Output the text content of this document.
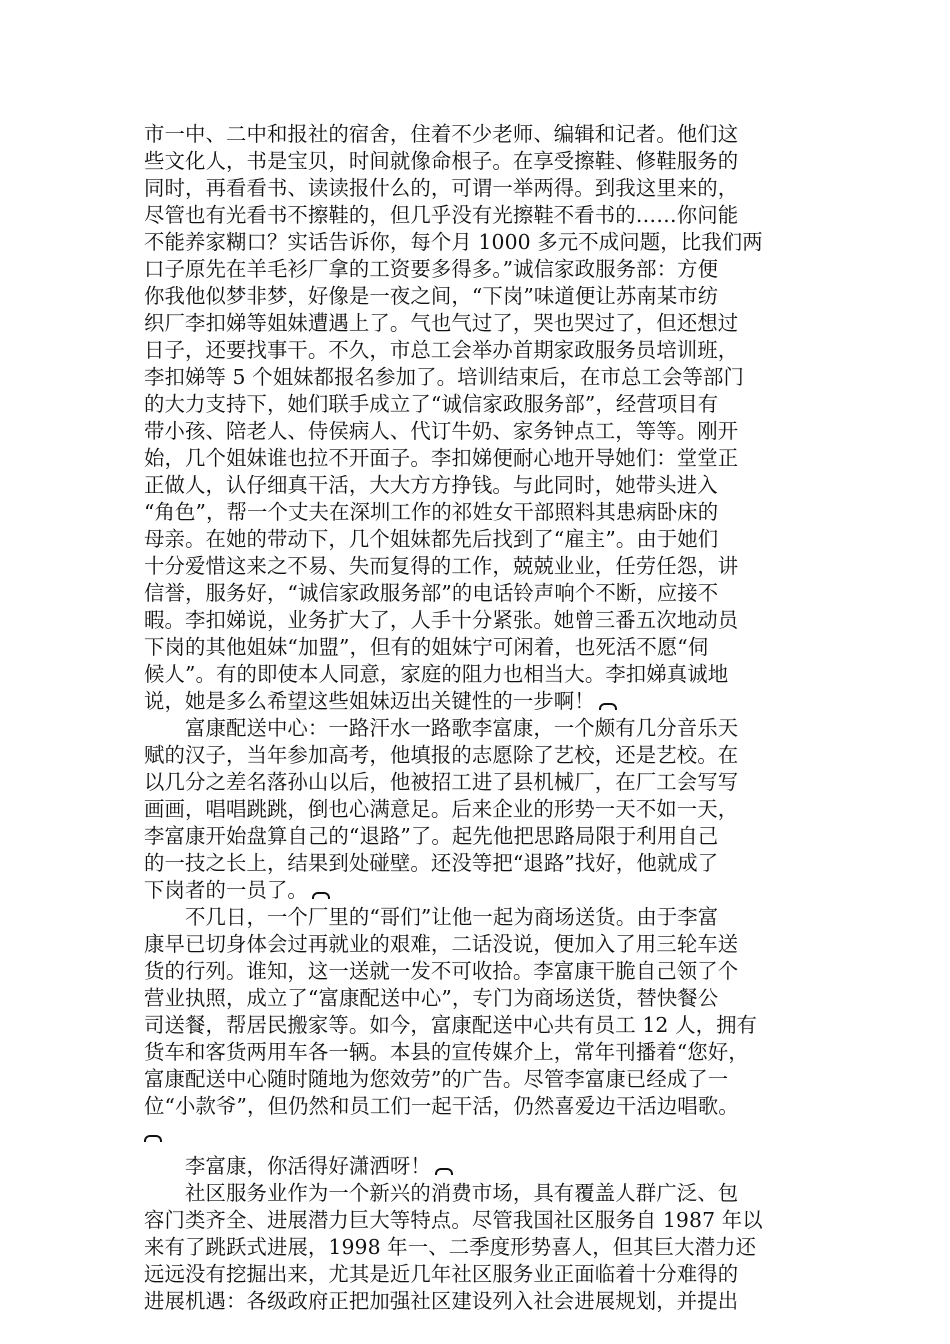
市一中、二中和报社的宿舍，住着不少老师、编辑和记者。他们这
些文化人，书是宝贝，时间就像命根子。在享受擦鞋、修鞋服务的
同时，再看看书、读读报什么的，可谓一举两得。到我这里来的，
尽管也有光看书不擦鞋的，但几乎没有光擦鞋不看书的……你问能
不能养家糊口？实话告诉你，每个月 1000 多元不成问题，比我们两
口子原先在羊毛衫厂拿的工资要多得多。”诚信家政服务部：方便
你我他似梦非梦，好像是一夜之间，“下岗”味道便让苏南某市纺
织厂李扣娣等姐妹遭遇上了。气也气过了，哭也哭过了，但还想过
日子，还要找事干。不久，市总工会举办首期家政服务员培训班，
李扣娣等 5 个姐妹都报名参加了。培训结束后，在市总工会等部门
的大力支持下，她们联手成立了“诚信家政服务部”，经营项目有
带小孩、陪老人、侍侯病人、代订牛奶、家务钟点工，等等。刚开
始，几个姐妹谁也拉不开面子。李扣娣便耐心地开导她们：堂堂正
正做人，认仔细真干活，大大方方挣钱。与此同时，她带头进入
“角色”，帮一个丈夫在深圳工作的祁姓女干部照料其患病卧床的
母亲。在她的带动下，几个姐妹都先后找到了“雇主”。由于她们
十分爱惜这来之不易、失而复得的工作，兢兢业业，任劳任怨，讲
信誉，服务好，“诚信家政服务部”的电话铃声响个不断，应接不
暇。李扣娣说，业务扩大了，人手十分紧张。她曾三番五次地动员
下岗的其他姐妹“加盟”，但有的姐妹宁可闲着，也死活不愿“伺
候人”。有的即使本人同意，家庭的阻力也相当大。李扣娣真诚地
说，她是多么希望这些姐妹迈出关键性的一步啊！
　　富康配送中心：一路汗水一路歌李富康，一个颇有几分音乐天
赋的汉子，当年参加高考，他填报的志愿除了艺校，还是艺校。在
以几分之差名落孙山以后，他被招工进了县机械厂，在厂工会写写
画画，唱唱跳跳，倒也心满意足。后来企业的形势一天不如一天，
李富康开始盘算自己的“退路”了。起先他把思路局限于利用自己
的一技之长上，结果到处碰壁。还没等把“退路”找好，他就成了
下岗者的一员了。
　　不几日，一个厂里的“哥们”让他一起为商场送货。由于李富
康早已切身体会过再就业的艰难，二话没说，便加入了用三轮车送
货的行列。谁知，这一送就一发不可收拾。李富康干脆自己领了个
营业执照，成立了“富康配送中心”，专门为商场送货，替快餐公
司送餐，帮居民搬家等。如今，富康配送中心共有员工 12 人，拥有
货车和客货两用车各一辆。本县的宣传媒介上，常年刊播着“您好，
富康配送中心随时随地为您效劳”的广告。尽管李富康已经成了一
位“小款爷”，但仍然和员工们一起干活，仍然喜爱边干活边唱歌。
　　李富康，你活得好潇洒呀！
　　社区服务业作为一个新兴的消费市场，具有覆盖人群广泛、包
容门类齐全、进展潜力巨大等特点。尽管我国社区服务自 1987 年以
来有了跳跃式进展，1998 年一、二季度形势喜人，但其巨大潜力还
远远没有挖掘出来，尤其是近几年社区服务业正面临着十分难得的
进展机遇：各级政府正把加强社区建设列入社会进展规划，并提出
